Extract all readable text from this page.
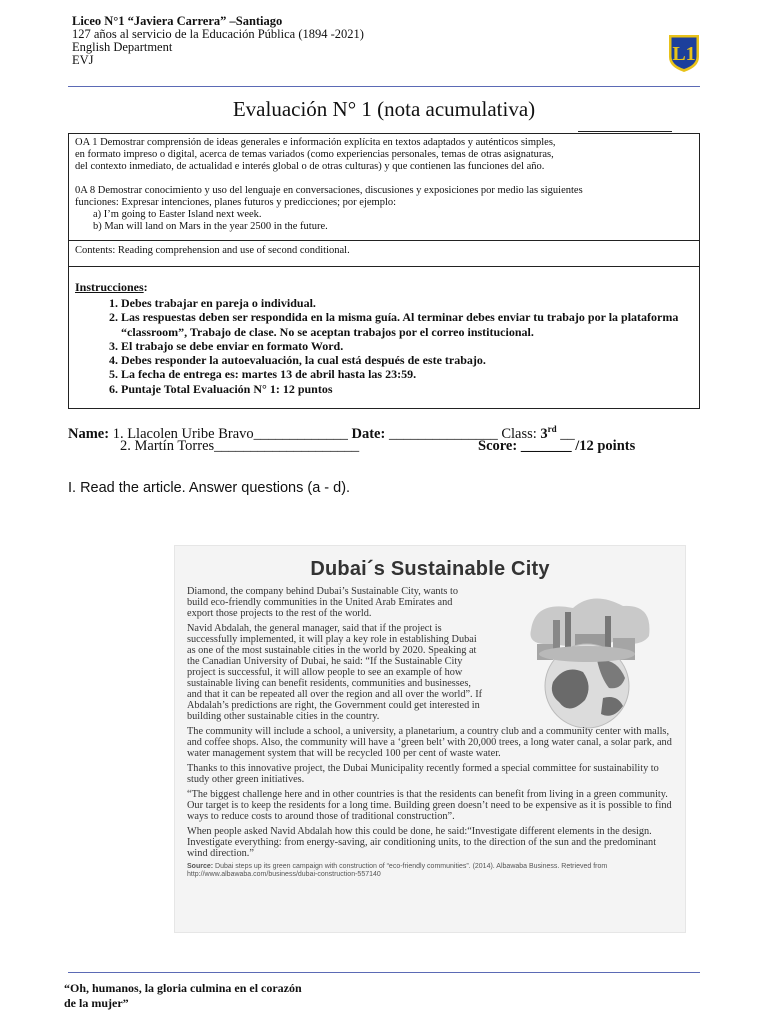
Liceo N°1 “Javiera Carrera” –Santiago
127 años al servicio de la Educación Pública (1894 -2021)
English Department
EVJ	L1
Evaluación N° 1 (nota acumulativa)
OA 1 Demostrar comprensión de ideas generales e información explícita en textos adaptados y auténticos simples,
en formato impreso o digital, acerca de temas variados (como experiencias personales, temas de otras asignaturas,
del contexto inmediato, de actualidad e interés global o de otras culturas) y que contienen las funciones del año.
0A 8 Demostrar conocimiento y uso del lenguaje en conversaciones, discusiones y exposiciones por medio las siguientes
funciones: Expresar intenciones, planes futuros y predicciones; por ejemplo:
a) I’m going to Easter Island next week.
b) Man will land on Mars in the year 2500 in the future.
Contents: Reading comprehension and use of second conditional.
Instrucciones:
1. Debes trabajar en pareja o individual.
2. Las respuestas deben ser respondida en la misma guía. Al terminar debes enviar tu trabajo por la plataforma “classroom”, Trabajo de clase. No se aceptan trabajos por el correo institucional.
3. El trabajo se debe enviar en formato Word.
4. Debes responder la autoevaluación, la cual está después de este trabajo.
5. La fecha de entrega es: martes 13 de abril hasta las 23:59.
6. Puntaje Total Evaluación N° 1: 12 puntos
Name: 1. Llacolen Uribe Bravo_____________ Date: _______________ Class: 3rd __
2. Martín Torres____________________	Score: _______ /12 points
I. Read the article. Answer questions (a - d).
Dubai´s Sustainable City

Diamond, the company behind Dubai’s Sustainable City, wants to build eco-friendly communities in the United Arab Emirates and export those projects to the rest of the world.

Navid Abdalah, the general manager, said that if the project is successfully implemented, it will play a key role in establishing Dubai as one of the most sustainable cities in the world by 2020. Speaking at the Canadian University of Dubai, he said: “If the Sustainable City project is successful, it will allow people to see an example of how sustainable living can benefit residents, communities and businesses, and that it can be repeated all over the region and all over the world”. If Abdalah’s predictions are right, the Government could get interested in building other sustainable cities in the country.

The community will include a school, a university, a planetarium, a country club and a community center with malls, and coffee shops. Also, the community will have a ‘green belt’ with 20,000 trees, a long water canal, a solar park, and water management system that will be recycled 100 per cent of waste water.

Thanks to this innovative project, the Dubai Municipality recently formed a special committee for sustainability to study other green initiatives.

“The biggest challenge here and in other countries is that the residents can benefit from living in a green community. Our target is to keep the residents for a long time. Building green doesn’t need to be expensive as it is possible to find ways to reduce costs to around those of traditional construction”.

When people asked Navid Abdalah how this could be done, he said:“Investigate different elements in the design. Investigate everything: from energy-saving, air conditioning units, to the direction of the sun and the predominant wind direction.”

Source: Dubai steps up its green campaign with construction of “eco-friendly communities”. (2014). Albawaba Business. Retrieved from http://www.albawaba.com/business/dubai-construction-557140
“Oh, humanos, la gloria culmina en el corazón
de la mujer”
